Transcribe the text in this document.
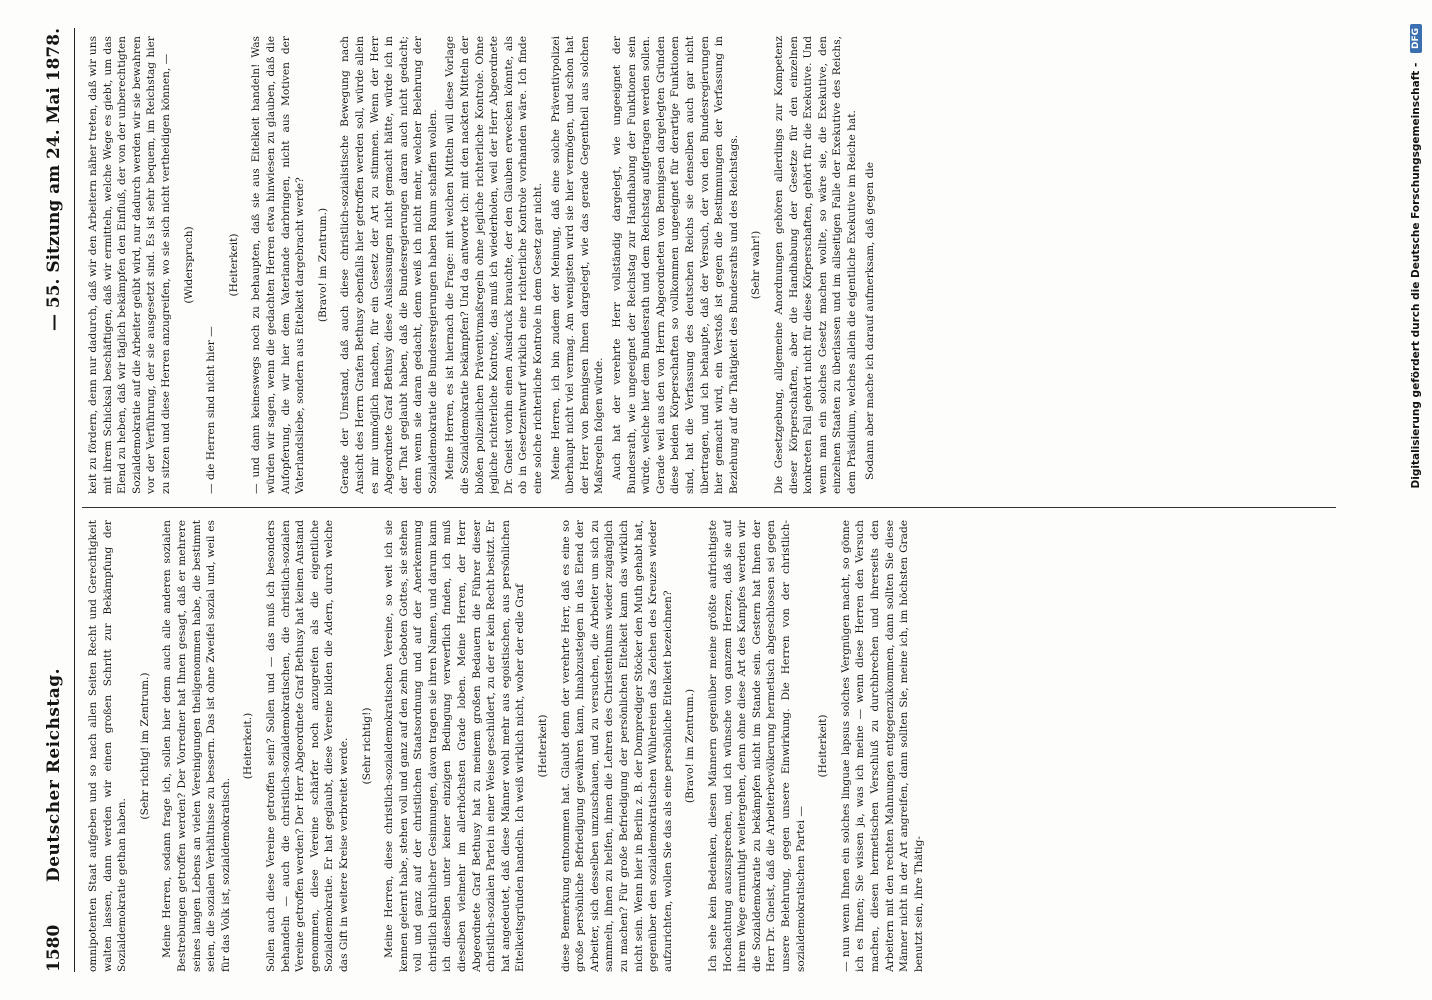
1580
Deutscher Reichstag.
— 55. Sitzung am 24. Mai 1878.

omnipotenten Staat aufgeben und so nach allen Seiten Recht und Gerechtigkeit walten lassen, dann werden wir einen großen Schritt zur Bekämpfung der Sozialdemokratie gethan haben.

(Sehr richtig! im Zentrum.) Meine Herren, sodann frage ich, sollen hier denn auch alle anderen sozialen Bestrebungen getroffen werden? Der Vorredner hat Ihnen gesagt, daß er mehrere seines langen Lebens an vielen Vereinigungen theilgenommen habe, die bestimmt seien, die sozialen Verhältnisse zu bessern. Das ist ohne Zweifel sozial und, weil es für das Volk ist, sozialdemokratisch.

(Heiterkeit.) Sollen auch diese Vereine getroffen sein? Sollen und — das muß ich besonders behandeln — auch die christlich-sozialdemokratischen, die christlich-sozialen Vereine getroffen werden? Der Herr Abgeordnete Graf Bethusy hat keinen Anstand genommen, diese Vereine schärfer noch anzugreifen als die eigentliche Sozialdemokratie. Er hat geglaubt, diese Vereine bilden die Adern, durch welche das Gift in weitere Kreise verbreitet werde. (Sehr richtig!) Meine Herren, diese christlich-sozialdemokratischen Vereine, so weit ich sie kennen gelernt habe, stehen voll und ganz auf den zehn Geboten Gottes, sie stehen voll und ganz auf der christlichen Staatsordnung und auf der Anerkennung christlich kirchlicher Gesinnungen, davon tragen sie ihren Namen, und darum kann ich dieselben unter keiner einzigen Bedingung verwerflich finden, ich muß dieselben vielmehr im allerhöchsten Grade loben. Meine Herren, der Herr Abgeordnete Graf Bethusy hat zu meinem großen Bedauern die Führer dieser christlich-sozialen Partei in einer Weise geschildert, zu der er kein Recht besitzt. Er hat angedeutet, daß diese Männer wohl mehr aus egoistischen, aus persönlichen Eitelkeitsgründen handeln. Ich weiß wirklich nicht, woher der edle Graf (Heiterkeit) diese Bemerkung entnommen hat. Glaubt denn der verehrte Herr, daß es eine so große persönliche Befriedigung gewähren kann, hinabzusteigen in das Elend der Arbeiter, sich desselben umzuschauen, und zu versuchen, die Arbeiter um sich zu sammeln, ihnen zu helfen, ihnen die Lehren des Christenthums wieder zugänglich zu machen? Für große Befriedigung der persönlichen Eitelkeit kann das wirklich nicht sein. Wenn hier in Berlin z. B. der Domprediger Stöcker den Muth gehabt hat, gegenüber den sozialdemokratischen Wühlereien das Zeichen des Kreuzes wieder aufzurichten, wollen Sie das als eine persönliche Eitelkeit bezeichnen? (Bravo! im Zentrum.) Ich sehe kein Bedenken, diesen Männern gegenüber meine größte aufrichtigste Hochachtung auszusprechen, und ich wünsche von ganzem Herzen, daß sie auf ihrem Wege ermuthigt weitergehen, denn ohne diese Art des Kampfes werden wir die Sozialdemokratie zu bekämpfen nicht im Stande sein. Gestern hat Ihnen der Herr Dr. Gneist, daß die Arbeiterbevölkerung hermetisch abgeschlossen sei gegen unsere Belehrung, gegen unsere Einwirkung. Die Herren von der christlich-sozialdemokratischen Partei —

(Heiterkeit) — nun wenn Ihnen ein solches linguae lapsus solches Vergnügen macht, so gönne ich es Ihnen; Sie wissen ja, was ich meine — wenn diese Herren den Versuch machen, diesen hermetischen Verschluß zu durchbrechen und ihrerseits den Arbeitern mit den rechten Mahnungen entgegenzukommen, dann sollten Sie diese Männer nicht in der Art angreifen, dann sollten Sie, meine ich, im höchsten Grade benutzt sein, ihre Thätig-

keit zu fördern, denn nur dadurch, daß wir den Arbeitern näher treten, daß wir uns mit ihrem Schicksal beschäftigen, daß wir ermitteln, welche Wege es giebt, um das Elend zu heben, daß wir täglich bekämpfen den Einfluß, der von der unberechtigten Sozialdemokratie auf die Arbeiter geübt wird, nur dadurch werden wir sie bewahren vor der Verführung, der sie ausgesetzt sind. Es ist sehr bequem, im Reichstag hier zu sitzen und diese Herren anzugreifen, wo sie sich nicht vertheidigen können, — (Widerspruch)

— die Herren sind nicht hier —

(Heiterkeit) — und dann keineswegs noch zu behaupten, daß sie aus Eitelkeit handeln! Was würden wir sagen, wenn die gedachten Herren etwa hinwiesen zu glauben, daß die Aufopferung, die wir hier dem Vaterlande darbringen, nicht aus Motiven der Vaterlandsliebe, sondern aus Eitelkeit dargebracht werde? (Bravo! im Zentrum.) Gerade der Umstand, daß auch diese christlich-sozialistische Bewegung nach Ansicht des Herrn Grafen Bethusy ebenfalls hier getroffen werden soll, würde allein es mir unmöglich machen, für ein Gesetz der Art zu stimmen. Wenn der Herr Abgeordnete Graf Bethusy diese Auslassungen nicht gemacht hätte, würde ich in der That geglaubt haben, daß die Bundesregierungen daran auch nicht gedacht; denn wenn sie daran gedacht, denn weiß ich nicht mehr, welcher Belehrung der Sozialdemokratie die Bundesregierungen haben Raum schaffen wollen. Meine Herren, es ist hiernach die Frage: mit welchen Mitteln will diese Vorlage die Sozialdemokratie bekämpfen? Und da antworte ich: mit den nackten Mitteln der bloßen polizeilichen Präventivmaßregeln ohne jegliche richterliche Kontrole. Ohne jegliche richterliche Kontrole, das muß ich wiederholen, weil der Herr Abgeordnete Dr. Gneist vorhin einen Ausdruck brauchte, der den Glauben erwecken könnte, als ob in Gesetzentwurf wirklich eine richterliche Kontrole vorhanden wäre. Ich finde eine solche richterliche Kontrole in dem Gesetz gar nicht. Meine Herren, ich bin zudem der Meinung, daß eine solche Präventivpolizei überhaupt nicht viel vermag. Am wenigsten wird sie hier vermögen, und schon hat der Herr von Bennigsen Ihnen dargelegt, wie das gerade Gegentheil aus solchen Maßregeln folgen würde. Auch hat der verehrte Herr vollständig dargelegt, wie ungeeignet der Bundesrath, wie ungeeignet der Reichstag zur Handhabung der Funktionen sein würde, welche hier dem Bundesrath und dem Reichstag aufgetragen werden sollen. Gerade weil aus den von Herrn Abgeordneten von Bennigsen dargelegten Gründen diese beiden Körperschaften so vollkommen ungeeignet für derartige Funktionen sind, hat die Verfassung des deutschen Reichs sie denselben auch gar nicht übertragen, und ich behaupte, daß der Versuch, der von den Bundesregierungen hier gemacht wird, ein Verstoß ist gegen die Bestimmungen der Verfassung in Beziehung auf die Thätigkeit des Bundesraths und des Reichstags. (Sehr wahr!) Die Gesetzgebung, allgemeine Anordnungen gehören allerdings zur Kompetenz dieser Körperschaften, aber die Handhabung der Gesetze für den einzelnen konkreten Fall gehört nicht für diese Körperschaften, gehört für die Exekutive. Und wenn man ein solches Gesetz machen wollte, so wäre sie, die Exekutive, den einzelnen Staaten zu überlassen und im allseitigen Falle der Exekutive des Reichs, dem Präsidium, welches allein die eigentliche Exekutive im Reiche hat. Sodann aber mache ich darauf aufmerksam, daß gegen die	Digitalisierung gefördert durch die Deutsche Forschungsgemeinschaft - DFG
